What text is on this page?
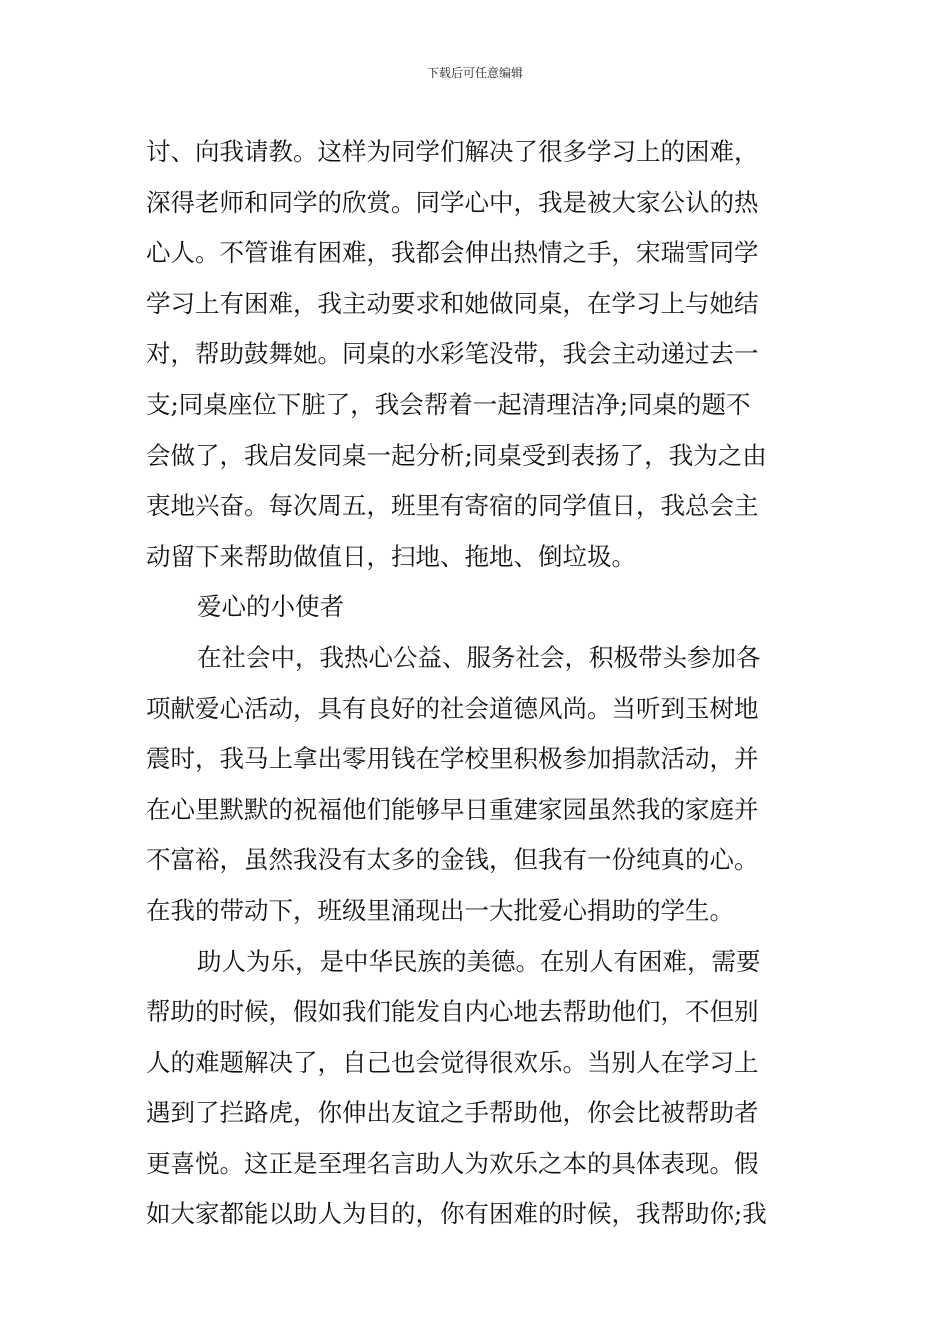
下载后可任意编辑
讨、向我请教。这样为同学们解决了很多学习上的困难，
深得老师和同学的欣赏。同学心中，我是被大家公认的热
心人。不管谁有困难，我都会伸出热情之手，宋瑞雪同学
学习上有困难，我主动要求和她做同桌，在学习上与她结
对，帮助鼓舞她。同桌的水彩笔没带，我会主动递过去一
支;同桌座位下脏了，我会帮着一起清理洁净;同桌的题不
会做了，我启发同桌一起分析;同桌受到表扬了，我为之由
衷地兴奋。每次周五，班里有寄宿的同学值日，我总会主
动留下来帮助做值日，扫地、拖地、倒垃圾。
爱心的小使者
在社会中，我热心公益、服务社会，积极带头参加各
项献爱心活动，具有良好的社会道德风尚。当听到玉树地
震时，我马上拿出零用钱在学校里积极参加捐款活动，并
在心里默默的祝福他们能够早日重建家园虽然我的家庭并
不富裕，虽然我没有太多的金钱，但我有一份纯真的心。
在我的带动下，班级里涌现出一大批爱心捐助的学生。
助人为乐，是中华民族的美德。在别人有困难，需要
帮助的时候，假如我们能发自内心地去帮助他们，不但别
人的难题解决了，自己也会觉得很欢乐。当别人在学习上
遇到了拦路虎，你伸出友谊之手帮助他，你会比被帮助者
更喜悦。这正是至理名言助人为欢乐之本的具体表现。假
如大家都能以助人为目的，你有困难的时候，我帮助你;我
